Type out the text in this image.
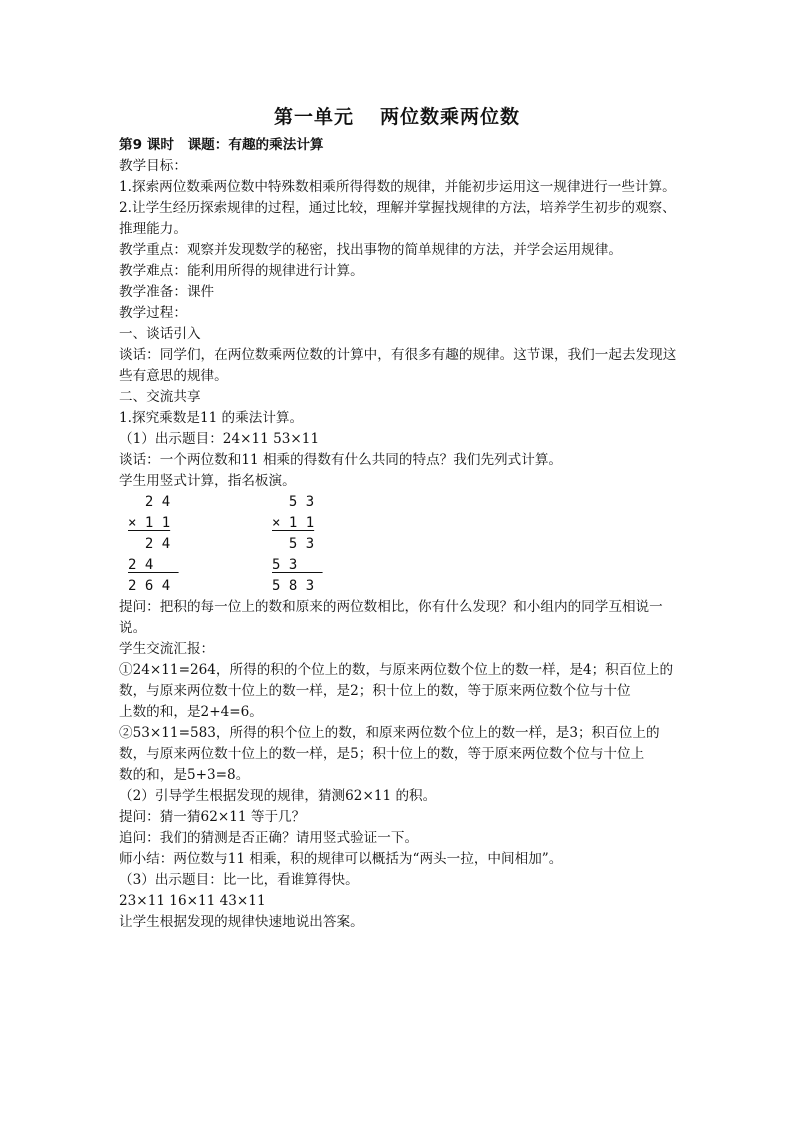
第一单元 两位数乘两位数

第9 课时　课题：有趣的乘法计算

教学目标：

1.探索两位数乘两位数中特殊数相乘所得得数的规律，并能初步运用这一规律进行一些计算。

2.让学生经历探索规律的过程，通过比较，理解并掌握找规律的方法，培养学生初步的观察、推理能力。

教学重点：观察并发现数学的秘密，找出事物的简单规律的方法，并学会运用规律。

教学难点：能利用所得的规律进行计算。

教学准备：课件

教学过程：

一、谈话引入

谈话：同学们，在两位数乘两位数的计算中，有很多有趣的规律。这节课，我们一起去发现这些有意思的规律。

二、交流共享

1.探究乘数是11 的乘法计算。

（1）出示题目：24×11 53×11

谈话：一个两位数和11 相乘的得数有什么共同的特点？我们先列式计算。

学生用竖式计算，指名板演。

2 4
× 1 1
2 4
2 4
2 6 4
5 3
× 1 1
5 3
5 3
5 8 3

提问：把积的每一位上的数和原来的两位数相比，你有什么发现？和小组内的同学互相说一说。

学生交流汇报：

①24×11=264，所得的积的个位上的数，与原来两位数个位上的数一样，是4；积百位上的数，与原来两位数十位上的数一样，是2；积十位上的数，等于原来两位数个位与十位

上数的和，是2+4=6。

②53×11=583，所得的积个位上的数，和原来两位数个位上的数一样，是3；积百位上的数，与原来两位数十位上的数一样，是5；积十位上的数，等于原来两位数个位与十位上

数的和，是5+3=8。

（2）引导学生根据发现的规律，猜测62×11 的积。

提问：猜一猜62×11 等于几？

追问：我们的猜测是否正确？请用竖式验证一下。

师小结：两位数与11 相乘，积的规律可以概括为“两头一拉，中间相加”。

（3）出示题目：比一比，看谁算得快。

23×11 16×11 43×11

让学生根据发现的规律快速地说出答案。
